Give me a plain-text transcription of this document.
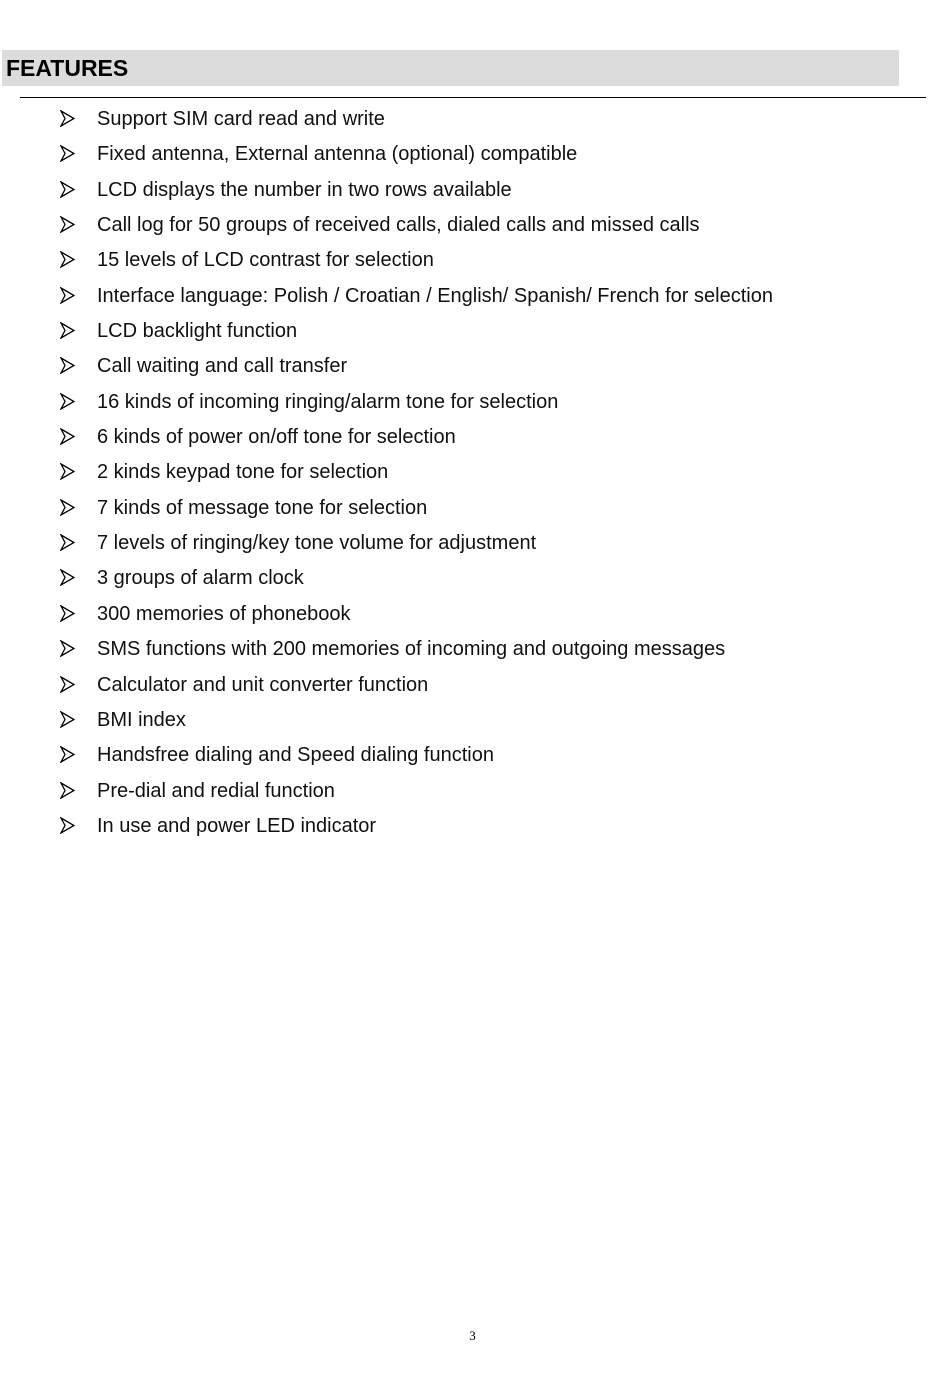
FEATURES
Support SIM card read and write
Fixed antenna, External antenna (optional) compatible
LCD displays the number in two rows available
Call log for 50 groups of received calls, dialed calls and missed calls
15 levels of LCD contrast for selection
Interface language: Polish / Croatian / English/ Spanish/ French for selection
LCD backlight function
Call waiting and call transfer
16 kinds of incoming ringing/alarm tone for selection
6 kinds of power on/off tone for selection
2 kinds keypad tone for selection
7 kinds of message tone for selection
7 levels of ringing/key tone volume for adjustment
3 groups of alarm clock
300 memories of phonebook
SMS functions with 200 memories of incoming and outgoing messages
Calculator and unit converter function
BMI index
Handsfree dialing and Speed dialing function
Pre-dial and redial function
In use and power LED indicator
3
